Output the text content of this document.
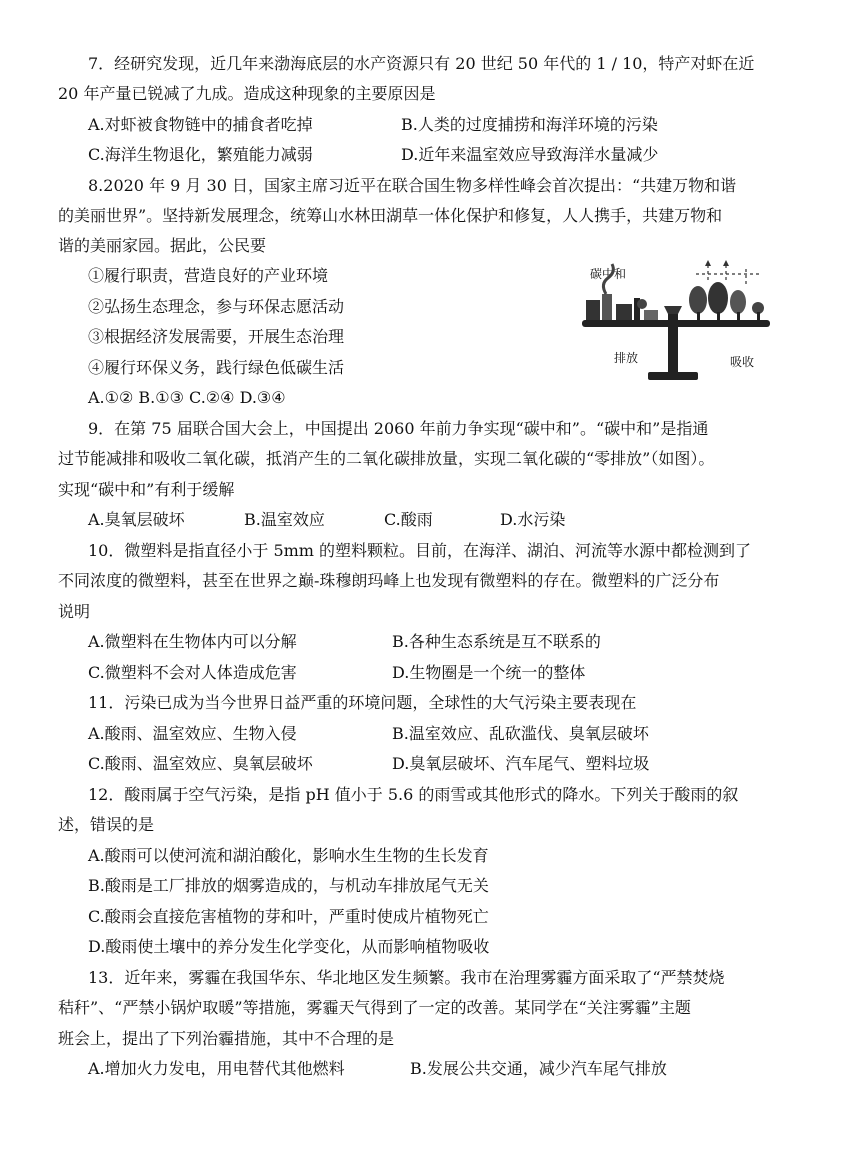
7．经研究发现，近几年来渤海底层的水产资源只有 20 世纪 50 年代的 1 / 10，特产对虾在近
20 年产量已锐减了九成。造成这种现象的主要原因是
A.对虾被食物链中的捕食者吃掉	B.人类的过度捕捞和海洋环境的污染
C.海洋生物退化，繁殖能力减弱	D.近年来温室效应导致海洋水量减少
8.2020 年 9 月 30 日，国家主席习近平在联合国生物多样性峰会首次提出：“共建万物和谐
的美丽世界”。坚持新发展理念，统筹山水林田湖草一体化保护和修复，人人携手，共建万物和
谐的美丽家园。据此，公民要
①履行职责，营造良好的产业环境
②弘扬生态理念，参与环保志愿活动
③根据经济发展需要，开展生态治理
④履行环保义务，践行绿色低碳生活
A.①② B.①③ C.②④ D.③④
碳中和
排放	吸收
9．在第 75 届联合国大会上，中国提出 2060 年前力争实现“碳中和”。“碳中和”是指通
过节能减排和吸收二氧化碳，抵消产生的二氧化碳排放量，实现二氧化碳的“零排放”（如图）。
实现“碳中和”有利于缓解
A.臭氧层破坏	B.温室效应	C.酸雨	D.水污染
10．微塑料是指直径小于 5mm 的塑料颗粒。目前，在海洋、湖泊、河流等水源中都检测到了
不同浓度的微塑料，甚至在世界之巅-珠穆朗玛峰上也发现有微塑料的存在。微塑料的广泛分布
说明
A.微塑料在生物体内可以分解	B.各种生态系统是互不联系的
C.微塑料不会对人体造成危害	D.生物圈是一个统一的整体
11．污染已成为当今世界日益严重的环境问题，全球性的大气污染主要表现在
A.酸雨、温室效应、生物入侵	B.温室效应、乱砍滥伐、臭氧层破坏
C.酸雨、温室效应、臭氧层破坏	D.臭氧层破坏、汽车尾气、塑料垃圾
12．酸雨属于空气污染，是指 pH 值小于 5.6 的雨雪或其他形式的降水。下列关于酸雨的叙
述，错误的是
A.酸雨可以使河流和湖泊酸化，影响水生生物的生长发育
B.酸雨是工厂排放的烟雾造成的，与机动车排放尾气无关
C.酸雨会直接危害植物的芽和叶，严重时使成片植物死亡
D.酸雨使土壤中的养分发生化学变化，从而影响植物吸收
13．近年来，雾霾在我国华东、华北地区发生频繁。我市在治理雾霾方面采取了“严禁焚烧
秸秆”、“严禁小锅炉取暖”等措施，雾霾天气得到了一定的改善。某同学在“关注雾霾”主题
班会上，提出了下列治霾措施，其中不合理的是
A.增加火力发电，用电替代其他燃料	B.发展公共交通，减少汽车尾气排放
